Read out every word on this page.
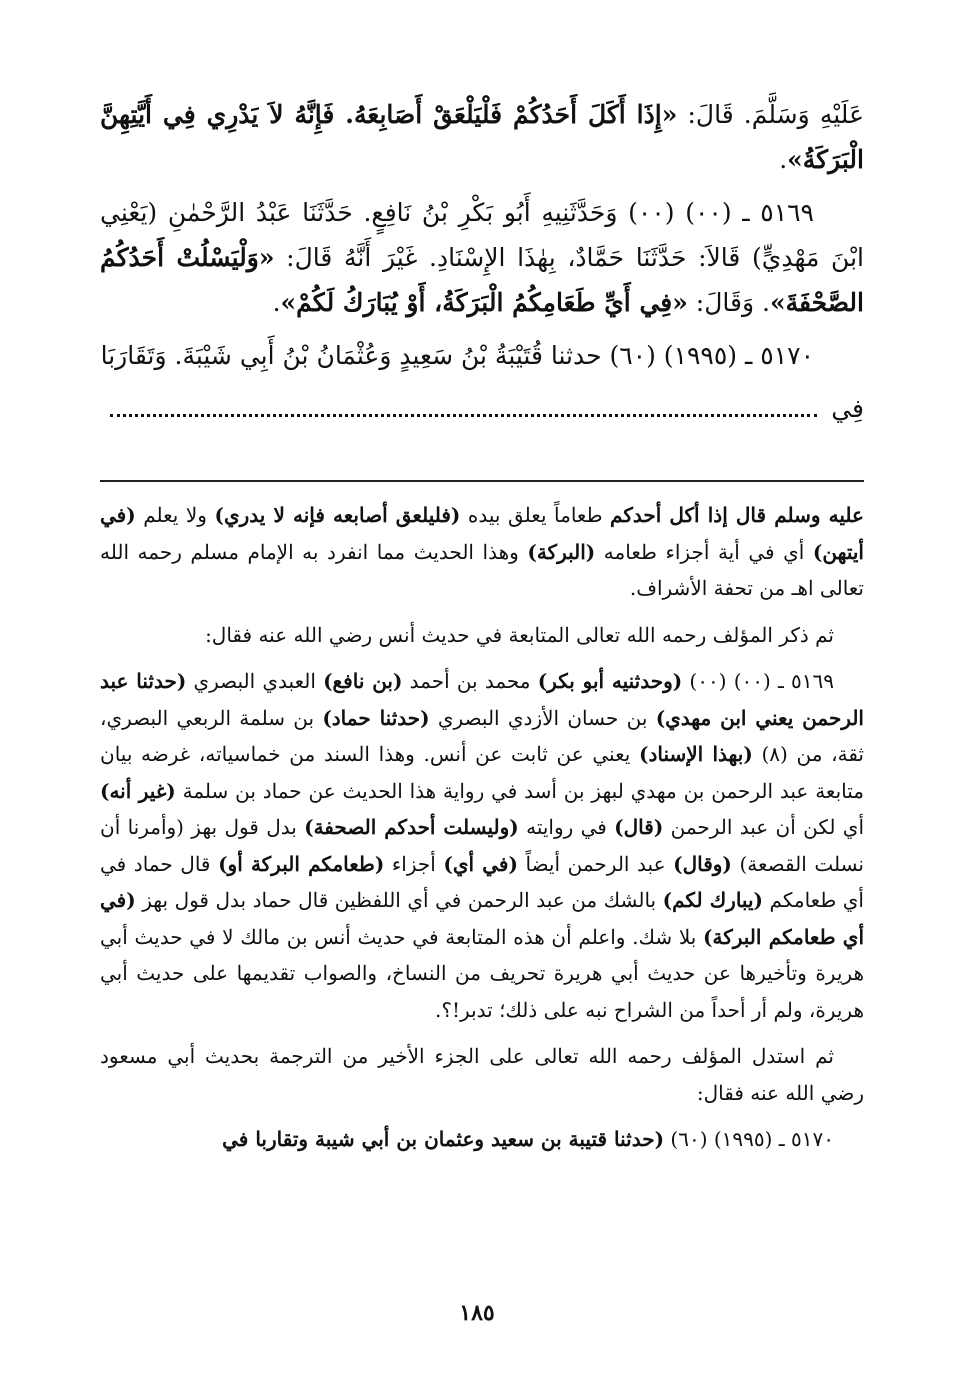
عَلَيْهِ وَسَلَّمَ. قَالَ: «إِذَا أَكَلَ أَحَدُكُمْ فَلْيَلْعَقْ أَصَابِعَهُ. فَإِنَّهُ لاَ يَدْرِي فِي أَيَّتِهِنَّ الْبَرَكَةُ».

٥١٦٩ ـ (٠٠) (٠٠) وَحَدَّثَنِيهِ أَبُو بَكْرِ بْنُ نَافِعٍ. حَدَّثَنَا عَبْدُ الرَّحْمٰنِ (يَعْنِي ابْنَ مَهْدِيٍّ) قَالاَ: حَدَّثَنَا حَمَّادٌ، بِهٰذَا الإِسْنَادِ. غَيْرَ أَنَّهُ قَالَ: «وَلْيَسْلُتْ أَحَدُكُمُ الصَّحْفَةَ». وَقَالَ: «فِي أَيِّ طَعَامِكُمُ الْبَرَكَةُ، أَوْ يُبَارَكُ لَكُمْ».

٥١٧٠ ـ (١٩٩٥) (٦٠) حدثنا قُتَيْبَةُ بْنُ سَعِيدٍ وَعُثْمَانُ بْنُ أَبِي شَيْبَةَ. وَتَقَارَبَا

فِي

عليه وسلم قال إذا أكل أحدكم طعاماً يعلق بيده (فليلعق أصابعه فإنه لا يدري) ولا يعلم (في أيتهن) أي في أية أجزاء طعامه (البركة) وهذا الحديث مما انفرد به الإمام مسلم رحمه الله تعالى اهـ من تحفة الأشراف.

ثم ذكر المؤلف رحمه الله تعالى المتابعة في حديث أنس رضي الله عنه فقال:

٥١٦٩ ـ (٠٠) (٠٠) (وحدثنيه أبو بكر) محمد بن أحمد (بن نافع) العبدي البصري (حدثنا عبد الرحمن يعني ابن مهدي) بن حسان الأزدي البصري (حدثنا حماد) بن سلمة الربعي البصري، ثقة، من (٨) (بهذا الإسناد) يعني عن ثابت عن أنس. وهذا السند من خماسياته، غرضه بيان متابعة عبد الرحمن بن مهدي لبهز بن أسد في رواية هذا الحديث عن حماد بن سلمة (غير أنه) أي لكن أن عبد الرحمن (قال) في روايته (وليسلت أحدكم الصحفة) بدل قول بهز (وأمرنا أن نسلت القصعة) (وقال) عبد الرحمن أيضاً (في أي) أجزاء (طعامكم البركة أو) قال حماد في أي طعامكم (يبارك لكم) بالشك من عبد الرحمن في أي اللفظين قال حماد بدل قول بهز (في أي طعامكم البركة) بلا شك. واعلم أن هذه المتابعة في حديث أنس بن مالك لا في حديث أبي هريرة وتأخيرها عن حديث أبي هريرة تحريف من النساخ، والصواب تقديمها على حديث أبي هريرة، ولم أر أحداً من الشراح نبه على ذلك؛ تدبر!؟.

ثم استدل المؤلف رحمه الله تعالى على الجزء الأخير من الترجمة بحديث أبي مسعود رضي الله عنه فقال:

٥١٧٠ ـ (١٩٩٥) (٦٠) (حدثنا قتيبة بن سعيد وعثمان بن أبي شيبة وتقاربا في

١٨٥
